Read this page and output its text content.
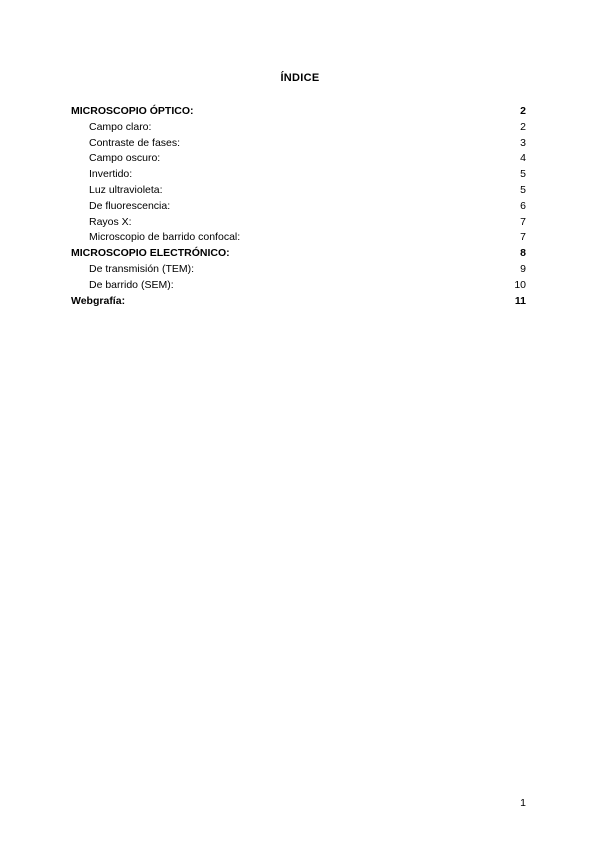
ÍNDICE
MICROSCOPIO ÓPTICO:	2
Campo claro:	2
Contraste de fases:	3
Campo oscuro:	4
Invertido:	5
Luz ultravioleta:	5
De fluorescencia:	6
Rayos X:	7
Microscopio de barrido confocal:	7
MICROSCOPIO ELECTRÓNICO:	8
De transmisión (TEM):	9
De barrido (SEM):	10
Webgrafía:	11
1
